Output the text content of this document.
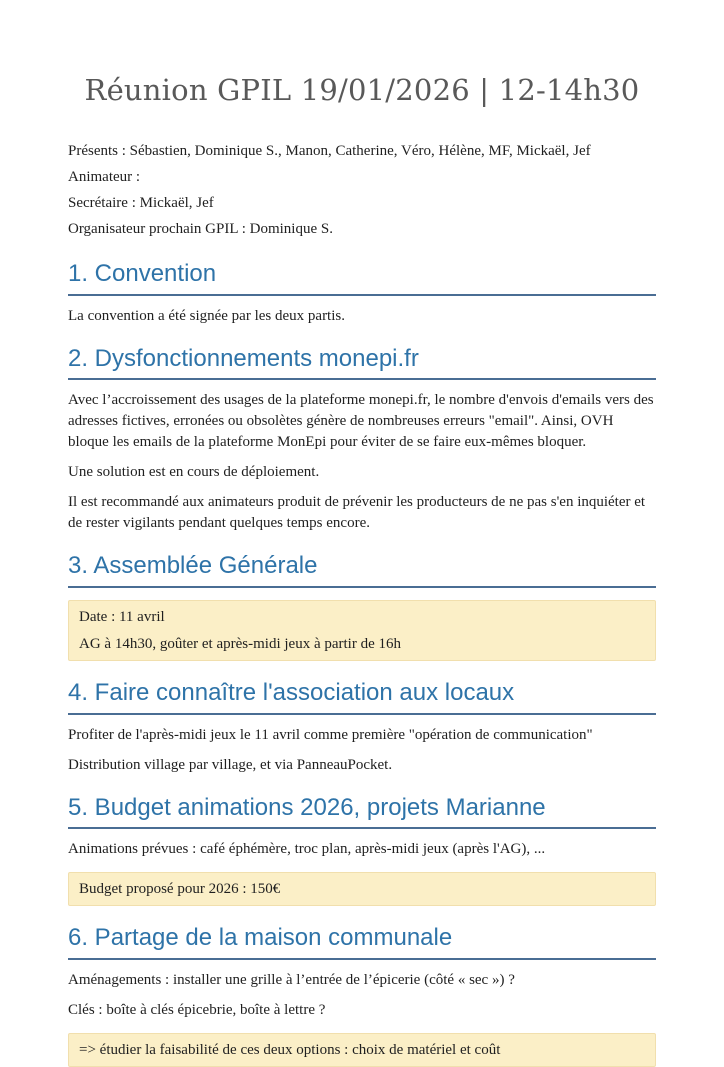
Réunion GPIL 19/01/2026 | 12-14h30

Présents : Sébastien, Dominique S., Manon, Catherine, Véro, Hélène, MF, Mickaël, Jef

Animateur :

Secrétaire : Mickaël, Jef

Organisateur prochain GPIL : Dominique S.

1. Convention

La convention a été signée par les deux partis.

2. Dysfonctionnements monepi.fr

Avec l’accroissement des usages de la plateforme monepi.fr, le nombre d'envois d'emails vers des adresses fictives, erronées ou obsolètes génère de nombreuses erreurs "email". Ainsi, OVH bloque les emails de la plateforme MonEpi pour éviter de se faire eux-mêmes bloquer.

Une solution est en cours de déploiement.

Il est recommandé aux animateurs produit de prévenir les producteurs de ne pas s'en inquiéter et de rester vigilants pendant quelques temps encore.

3. Assemblée Générale

Date : 11 avril

AG à 14h30, goûter et après-midi jeux à partir de 16h

4. Faire connaître l'association aux locaux

Profiter de l'après-midi jeux le 11 avril comme première "opération de communication"

Distribution village par village, et via PanneauPocket.

5. Budget animations 2026, projets Marianne

Animations prévues : café éphémère, troc plan, après-midi jeux (après l'AG), ...

Budget proposé pour 2026 : 150€

6. Partage de la maison communale

Aménagements : installer une grille à l’entrée de l’épicerie (côté « sec ») ?

Clés : boîte à clés épicebrie, boîte à lettre ?

=> étudier la faisabilité de ces deux options : choix de matériel et coût
